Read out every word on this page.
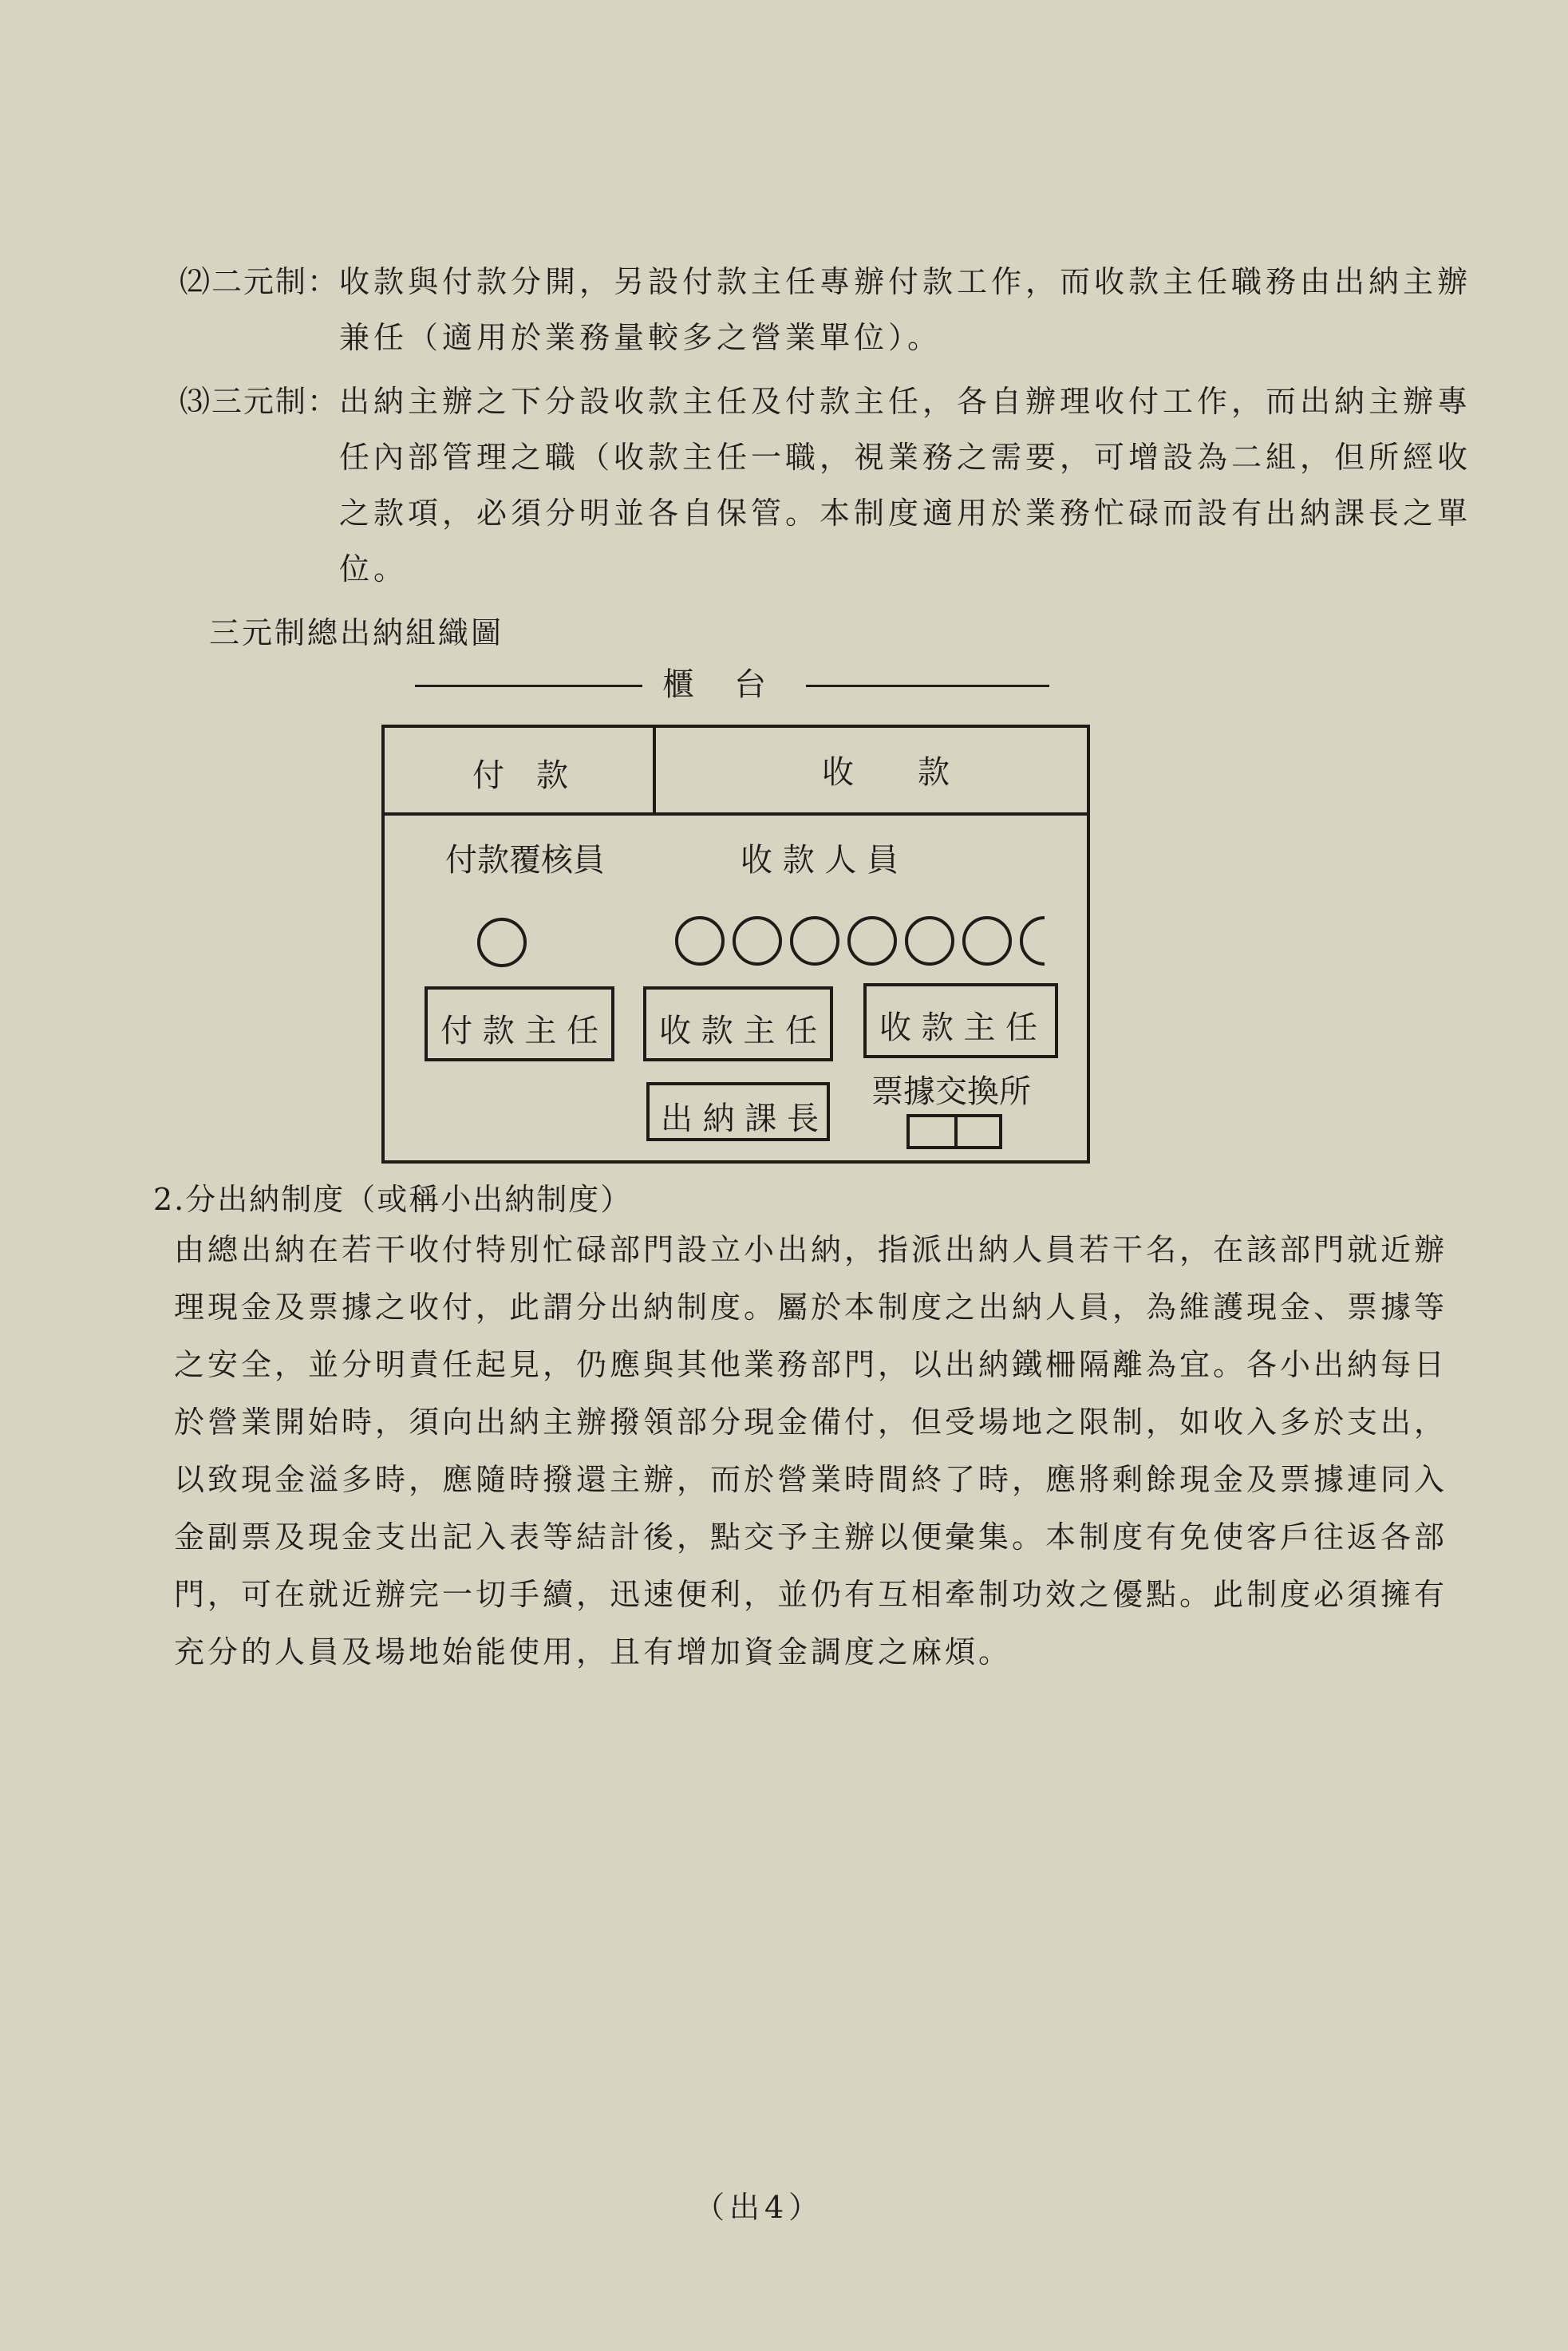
⑵二元制： 收款與付款分開，另設付款主任專辦付款工作，而收款主任職務由出納主辦
兼任（適用於業務量較多之營業單位）。
⑶三元制： 出納主辦之下分設收款主任及付款主任，各自辦理收付工作，而出納主辦專
任內部管理之職（收款主任一職，視業務之需要，可增設為二組，但所經收
之款項，必須分明並各自保管。本制度適用於業務忙碌而設有出納課長之單
位。
三元制總出納組織圖
櫃台
付　款	收　　款
付款覆核員	收 款 人 員
付 款 主 任 收 款 主 任 收 款 主 任
出 納 課 長
票據交換所
2.分出納制度（或稱小出納制度）
由總出納在若干收付特別忙碌部門設立小出納，指派出納人員若干名，在該部門就近辦
理現金及票據之收付，此謂分出納制度。屬於本制度之出納人員，為維護現金、票據等
之安全，並分明責任起見，仍應與其他業務部門，以出納鐵柵隔離為宜。各小出納每日
於營業開始時，須向出納主辦撥領部分現金備付，但受場地之限制，如收入多於支出，
以致現金溢多時，應隨時撥還主辦，而於營業時間終了時，應將剩餘現金及票據連同入
金副票及現金支出記入表等結計後，點交予主辦以便彙集。本制度有免使客戶往返各部
門，可在就近辦完一切手續，迅速便利，並仍有互相牽制功效之優點。此制度必須擁有
充分的人員及場地始能使用，且有增加資金調度之麻煩。
（出4）
